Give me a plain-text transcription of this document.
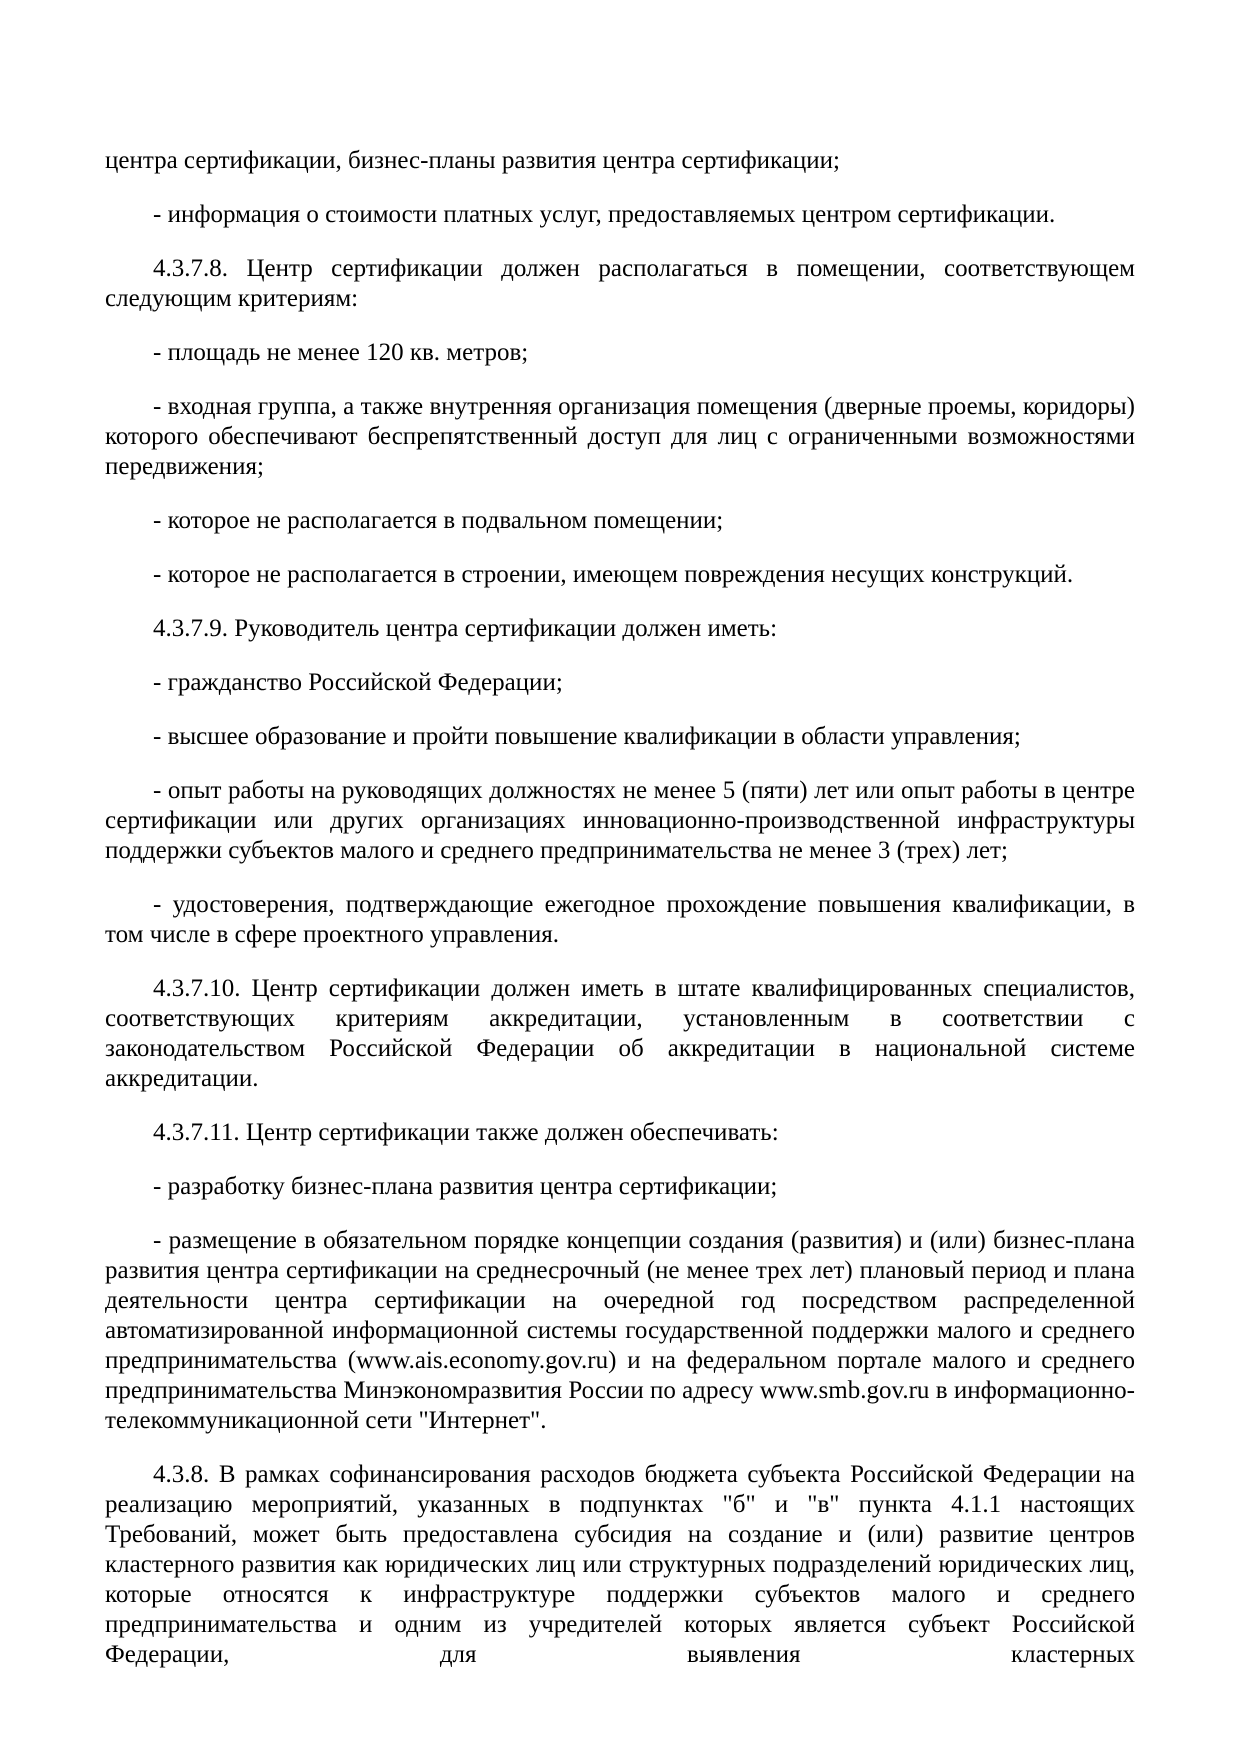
центра сертификации, бизнес-планы развития центра сертификации;

- информация о стоимости платных услуг, предоставляемых центром сертификации.

4.3.7.8. Центр сертификации должен располагаться в помещении, соответствующем следующим критериям:

- площадь не менее 120 кв. метров;

- входная группа, а также внутренняя организация помещения (дверные проемы, коридоры) которого обеспечивают беспрепятственный доступ для лиц с ограниченными возможностями передвижения;

- которое не располагается в подвальном помещении;

- которое не располагается в строении, имеющем повреждения несущих конструкций.

4.3.7.9. Руководитель центра сертификации должен иметь:

- гражданство Российской Федерации;

- высшее образование и пройти повышение квалификации в области управления;

- опыт работы на руководящих должностях не менее 5 (пяти) лет или опыт работы в центре сертификации или других организациях инновационно-производственной инфраструктуры поддержки субъектов малого и среднего предпринимательства не менее 3 (трех) лет;

- удостоверения, подтверждающие ежегодное прохождение повышения квалификации, в том числе в сфере проектного управления.

4.3.7.10. Центр сертификации должен иметь в штате квалифицированных специалистов, соответствующих критериям аккредитации, установленным в соответствии с законодательством Российской Федерации об аккредитации в национальной системе аккредитации.

4.3.7.11. Центр сертификации также должен обеспечивать:

- разработку бизнес-плана развития центра сертификации;

- размещение в обязательном порядке концепции создания (развития) и (или) бизнес-плана развития центра сертификации на среднесрочный (не менее трех лет) плановый период и плана деятельности центра сертификации на очередной год посредством распределенной автоматизированной информационной системы государственной поддержки малого и среднего предпринимательства (www.ais.economy.gov.ru) и на федеральном портале малого и среднего предпринимательства Минэкономразвития России по адресу www.smb.gov.ru в информационно-телекоммуникационной сети "Интернет".

4.3.8. В рамках софинансирования расходов бюджета субъекта Российской Федерации на реализацию мероприятий, указанных в подпунктах "б" и "в" пункта 4.1.1 настоящих Требований, может быть предоставлена субсидия на создание и (или) развитие центров кластерного развития как юридических лиц или структурных подразделений юридических лиц, которые относятся к инфраструктуре поддержки субъектов малого и среднего предпринимательства и одним из учредителей которых является субъект Российской Федерации, для выявления кластерных
